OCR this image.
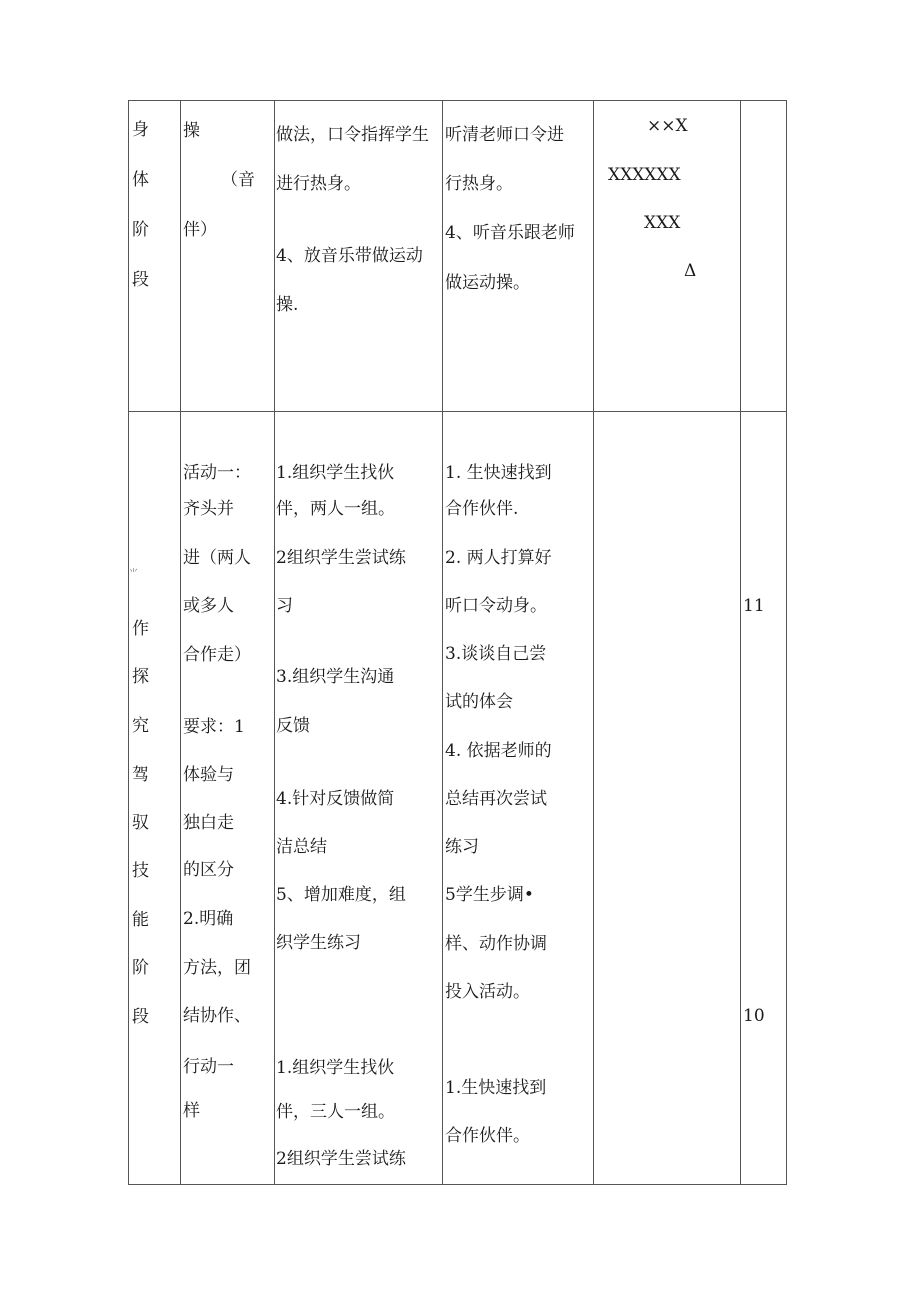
身
体
阶
段
操
（音
伴）
做法，口令指挥学生
进行热身。
4、放音乐带做运动
操.
听清老师口令进
行热身。
4、听音乐跟老师
做运动操。
××X
XXXXXX
XXX
Δ
⺌
作
探
究
驾
驭
技
能
阶
段
活动一：
齐头并
进（两人
或多人
合作走）
要求：1
体验与
独白走
的区分
2.明确
方法，团
结协作、
行动一
样
1.组织学生找伙
伴，两人一组。
2组织学生尝试练
习
3.组织学生沟通
反馈
4.针对反馈做简
洁总结
5、增加难度，组
织学生练习
1.组织学生找伙
伴，三人一组。
2组织学生尝试练
1. 生快速找到
合作伙伴.
2. 两人打算好
听口令动身。
3.谈谈自己尝
试的体会
4. 依据老师的
总结再次尝试
练习
5学生步调•
样、动作协调
投入活动。
1.生快速找到
合作伙伴。
11
10
